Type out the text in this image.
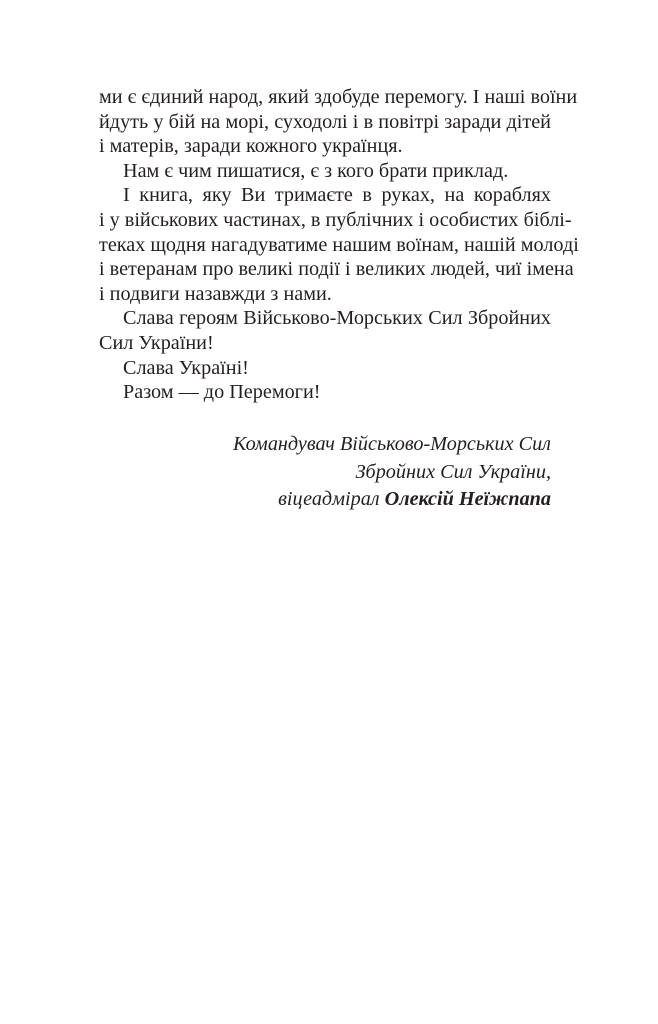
ми є єдиний народ, який здобуде перемогу. І наші воїни
йдуть у бій на морі, суходолі і в повітрі заради дітей
і матерів, заради кожного українця.
Нам є чим пишатися, є з кого брати приклад.
І книга, яку Ви тримаєте в руках, на кораблях
і у військових частинах, в публічних і особистих біблі-
теках щодня нагадуватиме нашим воїнам, нашій молоді
і ветеранам про великі події і великих людей, чиї імена
і подвиги назавжди з нами.
Слава героям Військово-Морських Сил Збройних
Сил України!
Слава Україні!
Разом — до Перемоги!
Командувач Військово-Морських Сил
Збройних Сил України,
віцеадмірал Олексій Неїжпапа
